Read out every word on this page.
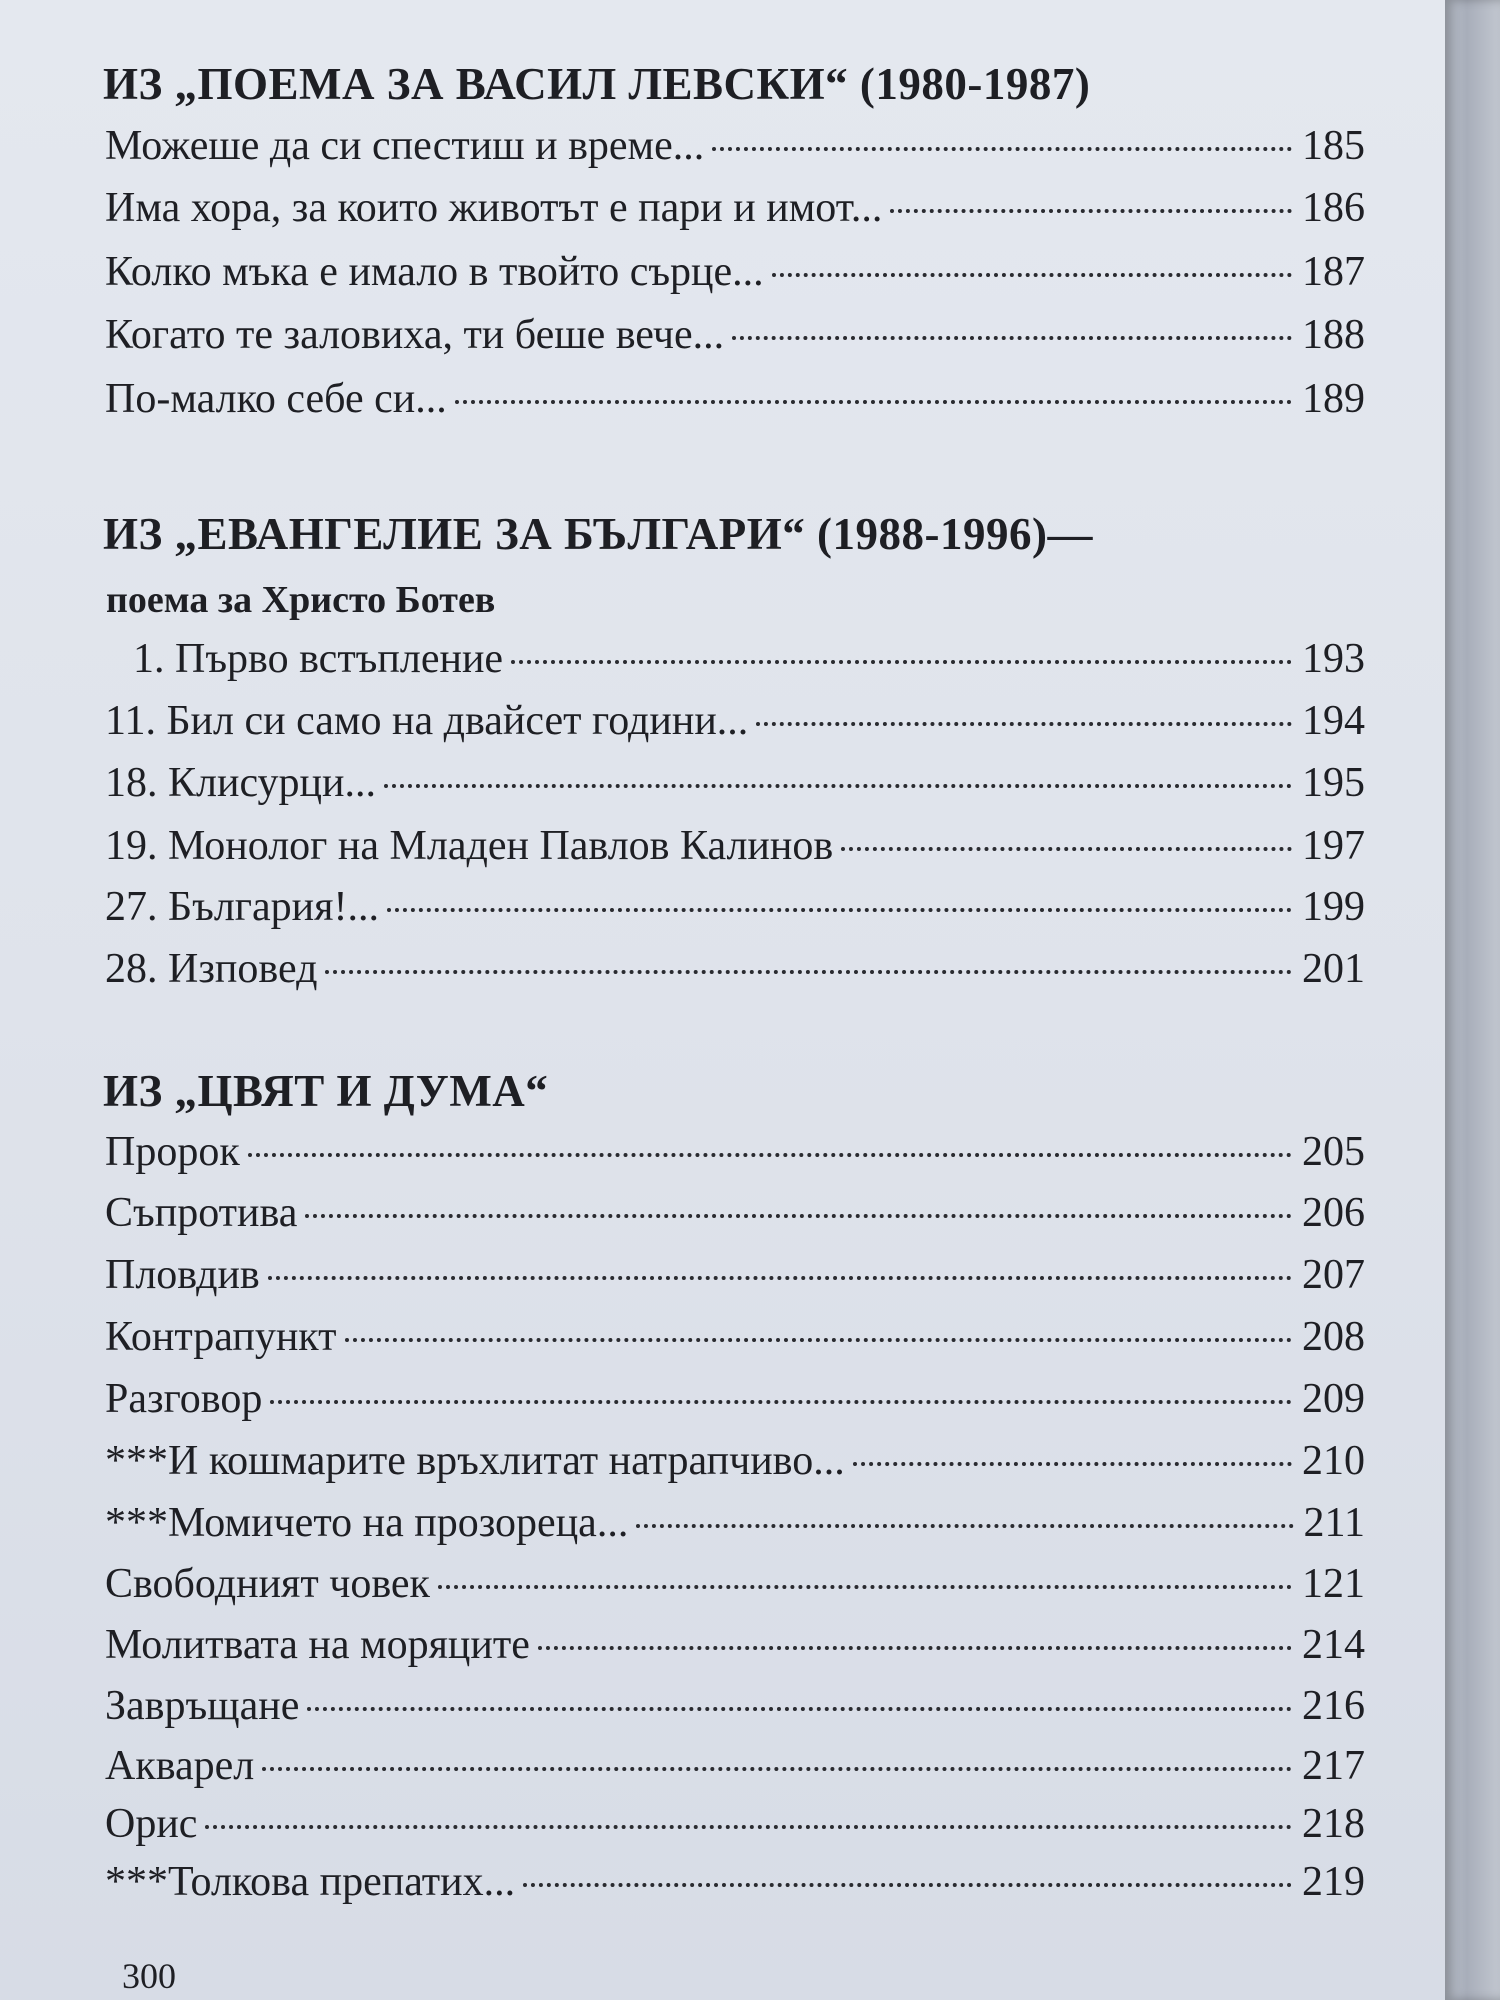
ИЗ „ПОЕМА ЗА ВАСИЛ ЛЕВСКИ“ (1980-1987)
Можеше да си спестиш и време...	185
Има хора, за които животът е пари и имот...	186
Колко мъка е имало в твойто сърце...	187
Когато те заловиха, ти беше вече...	188
По-малко себе си...	189
ИЗ „ЕВАНГЕЛИЕ ЗА БЪЛГАРИ“ (1988-1996)—
поема за Христо Ботев
1. Първо встъпление	193
11. Бил си само на двайсет години...	194
18. Клисурци...	195
19. Монолог на Младен Павлов Калинов	197
27. България!...	199
28. Изповед	201
ИЗ „ЦВЯТ И ДУМА“
Пророк	205
Съпротива	206
Пловдив	207
Контрапункт	208
Разговор	209
***И кошмарите връхлитат натрапчиво...	210
***Момичето на прозореца...	211
Свободният човек	121
Молитвата на моряците	214
Завръщане	216
Акварел	217
Орис	218
***Толкова препатих...	219
300
